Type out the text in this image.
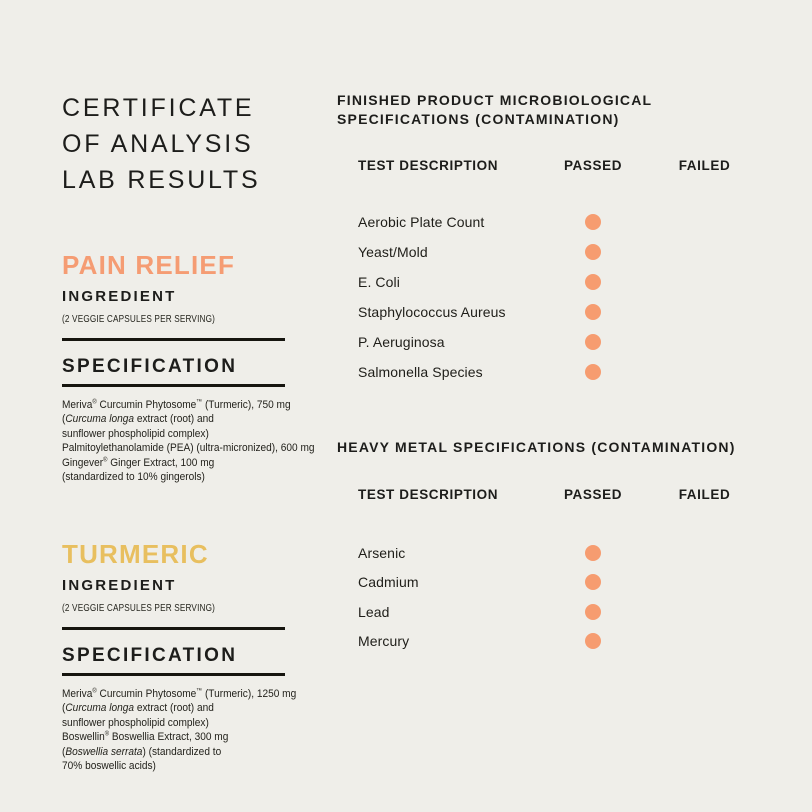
CERTIFICATE
OF ANALYSIS
LAB RESULTS
PAIN RELIEF
INGREDIENT
(2 VEGGIE CAPSULES PER SERVING)
SPECIFICATION
Meriva® Curcumin Phytosome™ (Turmeric), 750 mg
(Curcuma longa extract (root) and
sunflower phospholipid complex)
Palmitoylethanolamide (PEA) (ultra-micronized), 600 mg
Gingever® Ginger Extract, 100 mg
(standardized to 10% gingerols)
TURMERIC
INGREDIENT
(2 VEGGIE CAPSULES PER SERVING)
SPECIFICATION
Meriva® Curcumin Phytosome™ (Turmeric), 1250 mg
(Curcuma longa extract (root) and
sunflower phospholipid complex)
Boswellin® Boswellia Extract, 300 mg
(Boswellia serrata) (standardized to
70% boswellic acids)
FINISHED PRODUCT MICROBIOLOGICAL
SPECIFICATIONS (CONTAMINATION)
TEST DESCRIPTION	PASSED	FAILED
Aerobic Plate Count
Yeast/Mold
E. Coli
Staphylococcus Aureus
P. Aeruginosa
Salmonella Species
HEAVY METAL SPECIFICATIONS (CONTAMINATION)
TEST DESCRIPTION	PASSED	FAILED
Arsenic
Cadmium
Lead
Mercury
